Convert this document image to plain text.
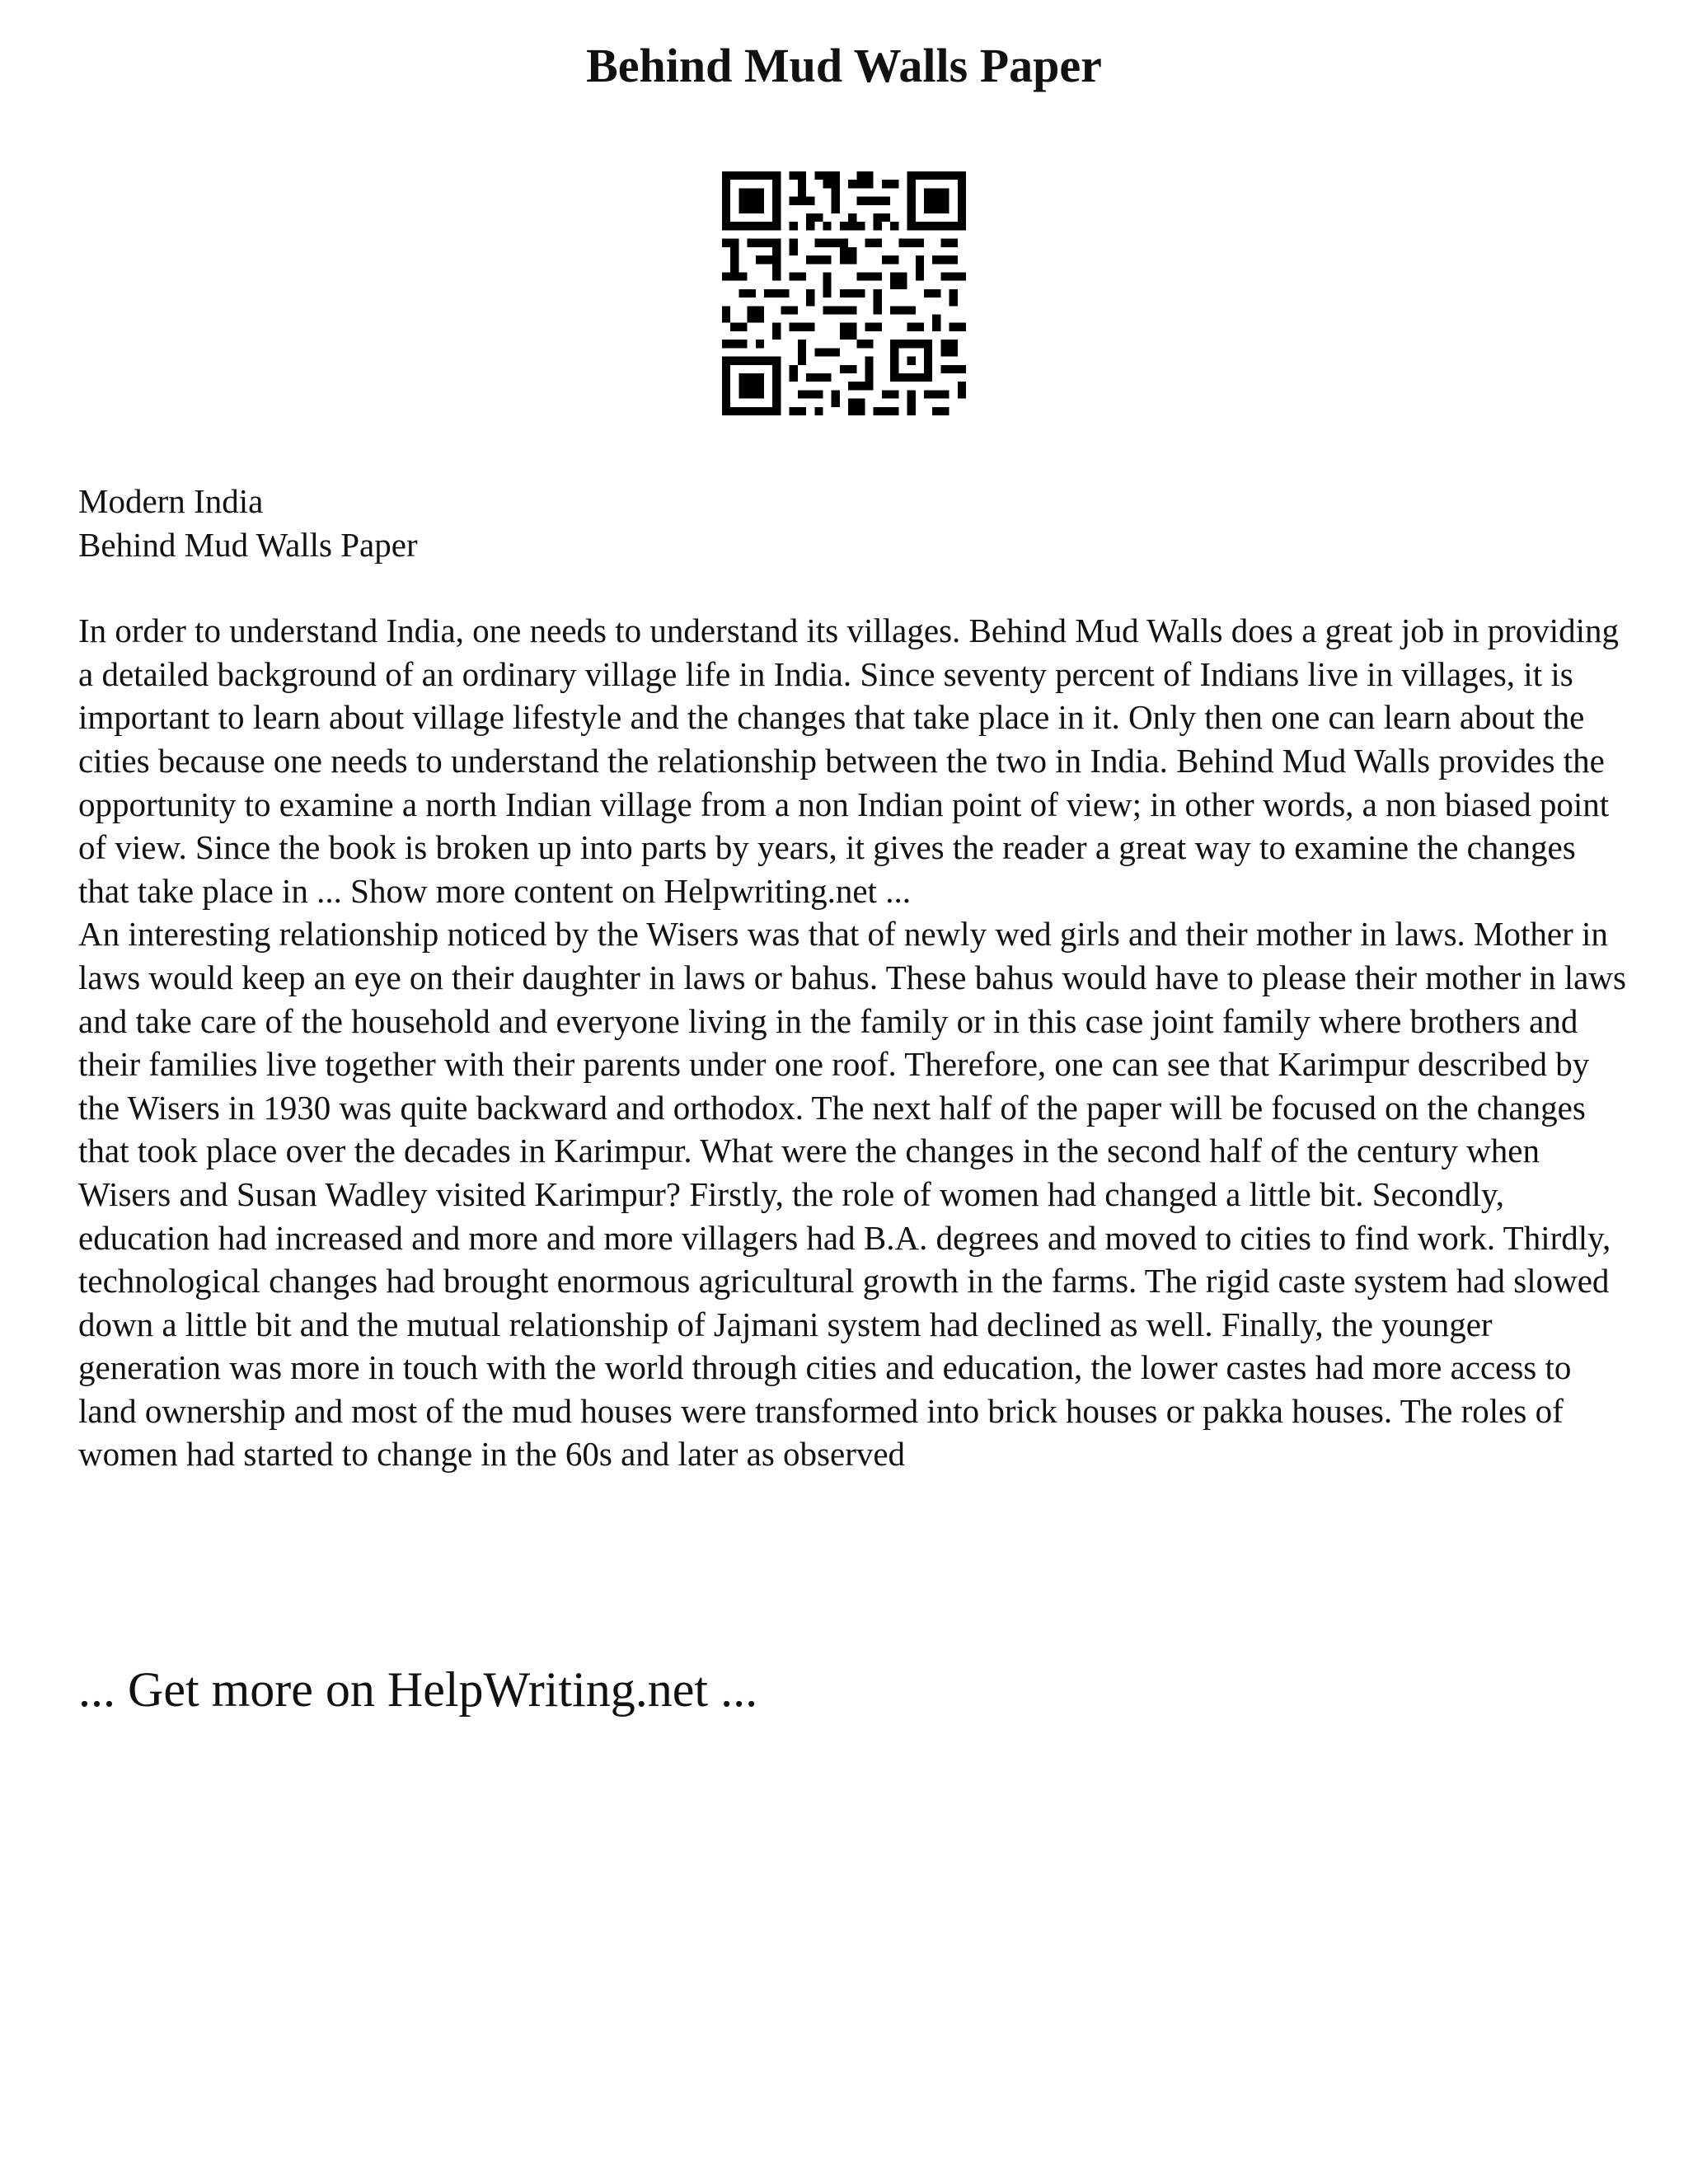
Behind Mud Walls Paper

Modern India

Behind Mud Walls Paper

In order to understand India, one needs to understand its villages. Behind Mud Walls does a great job in providing a detailed background of an ordinary village life in India. Since seventy percent of Indians live in villages, it is important to learn about village lifestyle and the changes that take place in it. Only then one can learn about the cities because one needs to understand the relationship between the two in India. Behind Mud Walls provides the opportunity to examine a north Indian village from a non Indian point of view; in other words, a non biased point of view. Since the book is broken up into parts by years, it gives the reader a great way to examine the changes that take place in ... Show more content on Helpwriting.net ...

An interesting relationship noticed by the Wisers was that of newly wed girls and their mother in laws. Mother in laws would keep an eye on their daughter in laws or bahus. These bahus would have to please their mother in laws and take care of the household and everyone living in the family or in this case joint family where brothers and their families live together with their parents under one roof. Therefore, one can see that Karimpur described by the Wisers in 1930 was quite backward and orthodox. The next half of the paper will be focused on the changes that took place over the decades in Karimpur. What were the changes in the second half of the century when Wisers and Susan Wadley visited Karimpur? Firstly, the role of women had changed a little bit. Secondly, education had increased and more and more villagers had B.A. degrees and moved to cities to find work. Thirdly, technological changes had brought enormous agricultural growth in the farms. The rigid caste system had slowed down a little bit and the mutual relationship of Jajmani system had declined as well. Finally, the younger generation was more in touch with the world through cities and education, the lower castes had more access to land ownership and most of the mud houses were transformed into brick houses or pakka houses. The roles of women had started to change in the 60s and later as observed

... Get more on HelpWriting.net ...
